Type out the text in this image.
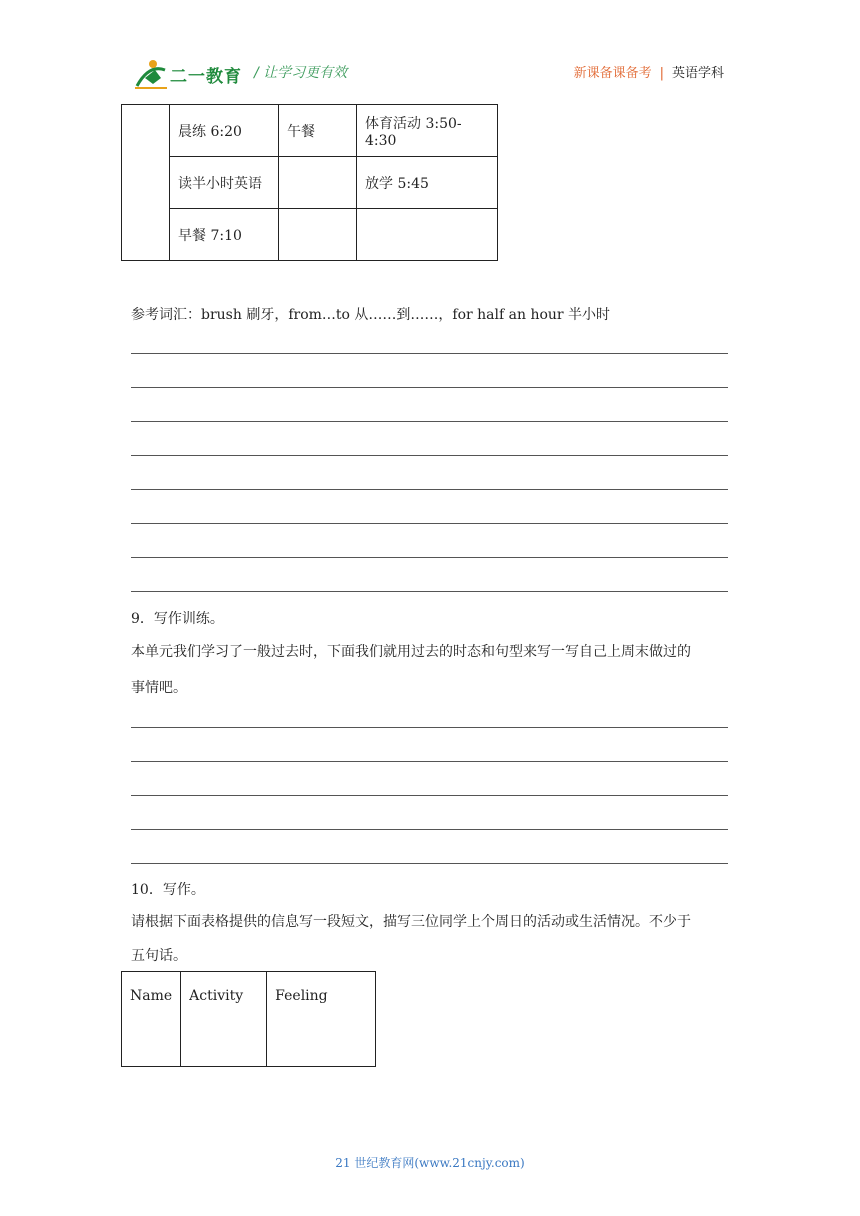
二一教育 / 让学习更有效	新课备课备考 | 英语学科
	晨练 6:20	午餐	体育活动 3:50-4:30
	读半小时英语		放学 5:45
	早餐 7:10		
参考词汇：brush 刷牙，from…to 从……到……，for half an hour 半小时
9．写作训练。
本单元我们学习了一般过去时，下面我们就用过去的时态和句型来写一写自己上周末做过的
事情吧。
10．写作。
请根据下面表格提供的信息写一段短文，描写三位同学上个周日的活动或生活情况。不少于
五句话。
Name	Activity	Feeling
21 世纪教育网(www.21cnjy.com)
